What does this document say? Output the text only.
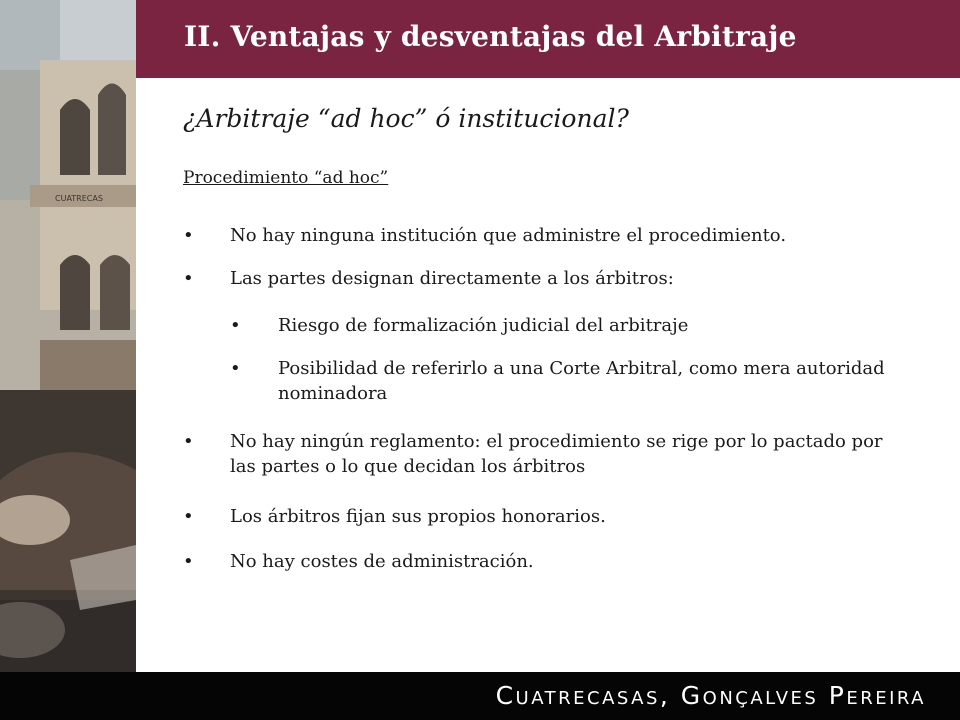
CUATRECAS
II. Ventajas y desventajas del Arbitraje
¿Arbitraje “ad hoc” ó institucional?
Procedimiento “ad hoc”
• No hay ninguna institución que administre el procedimiento.
• Las partes designan directamente a los árbitros:
• Riesgo de formalización judicial del arbitraje
• Posibilidad de referirlo a una Corte Arbitral, como mera autoridad nominadora
• No hay ningún reglamento: el procedimiento se rige por lo pactado por las partes o lo que decidan los árbitros
• Los árbitros fijan sus propios honorarios.
• No hay costes de administración.
Cuatrecasas, Gonçalves Pereira
